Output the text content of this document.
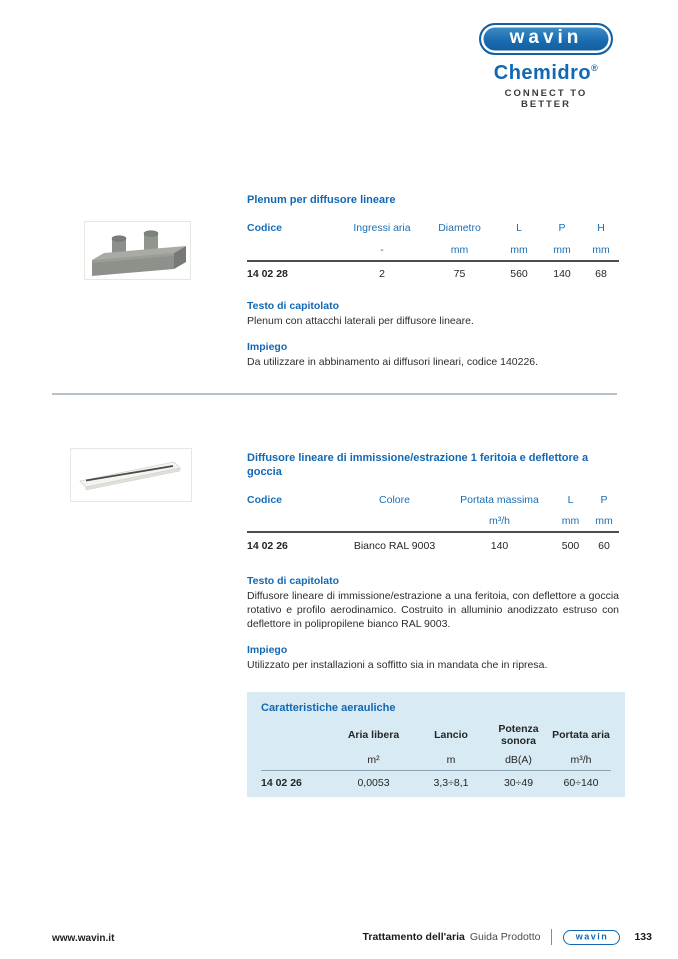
wavin
Chemidro®
CONNECT TO BETTER
Plenum per diffusore lineare
Codice	Ingressi aria	Diametro	L	P	H
	-	mm	mm	mm	mm
14 02 28	2	75	560	140	68
Testo di capitolato

Plenum con attacchi laterali per diffusore lineare.

Impiego

Da utilizzare in abbinamento ai diffusori lineari, codice 140226.

Diffusore lineare di immissione/estrazione 1 feritoia e deflettore a goccia
Codice	Colore	Portata massima	L	P
		m³/h	mm	mm
14 02 26	Bianco RAL 9003	140	500	60
Testo di capitolato

Diffusore lineare di immissione/estrazione a una feritoia, con deflettore a goccia rotativo e profilo aerodinamico. Costruito in alluminio anodizzato estruso con deflettore in polipropilene bianco RAL 9003.

Impiego

Utilizzato per installazioni a soffitto sia in mandata che in ripresa.

Caratteristiche aerauliche
	Aria libera	Lancio	Potenza sonora	Portata aria
	m²	m	dB(A)	m³/h
14 02 26	0,0053	3,3÷8,1	30÷49	60÷140
www.wavin.it	Trattamento dell'aria Guida Prodotto	wavin	133
